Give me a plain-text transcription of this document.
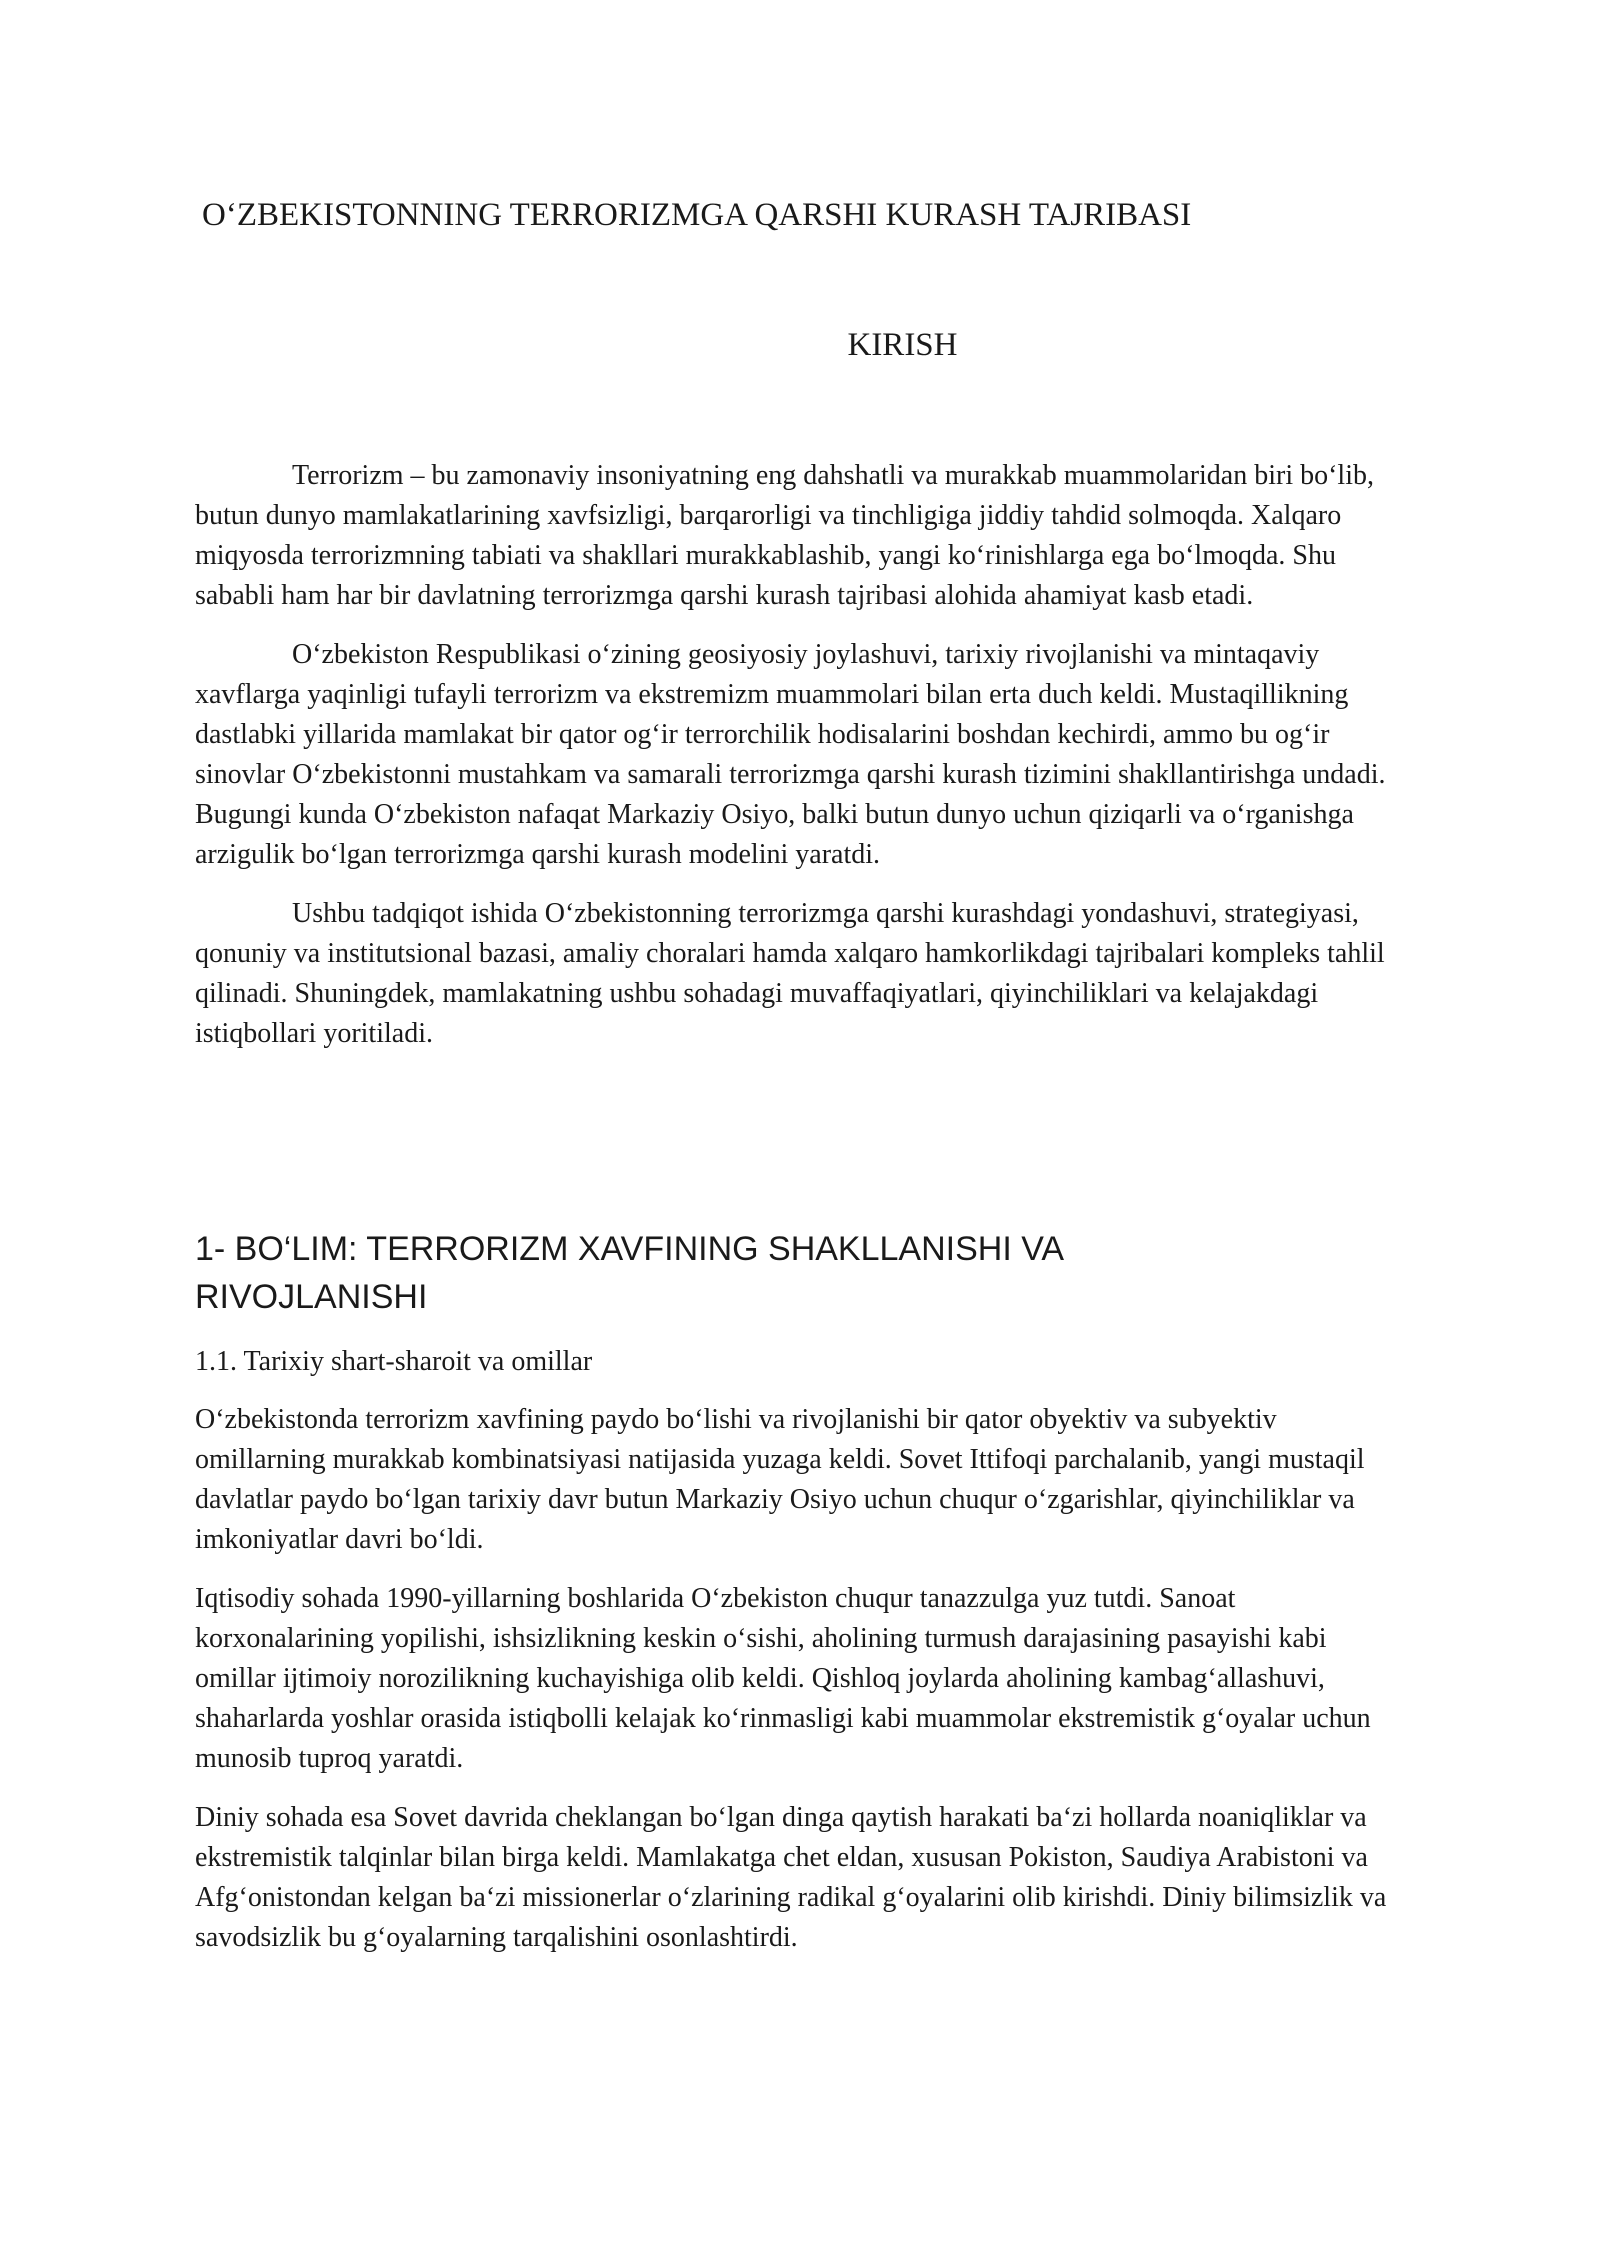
O‘ZBEKISTONNING TERRORIZMGA QARSHI KURASH TAJRIBASI
KIRISH

Terrorizm – bu zamonaviy insoniyatning eng dahshatli va murakkab muammolaridan biri bo‘lib, butun dunyo mamlakatlarining xavfsizligi, barqarorligi va tinchligiga jiddiy tahdid solmoqda. Xalqaro miqyosda terrorizmning tabiati va shakllari murakkablashib, yangi ko‘rinishlarga ega bo‘lmoqda. Shu sababli ham har bir davlatning terrorizmga qarshi kurash tajribasi alohida ahamiyat kasb etadi.

O‘zbekiston Respublikasi o‘zining geosiyosiy joylashuvi, tarixiy rivojlanishi va mintaqaviy xavflarga yaqinligi tufayli terrorizm va ekstremizm muammolari bilan erta duch keldi. Mustaqillikning dastlabki yillarida mamlakat bir qator og‘ir terrorchilik hodisalarini boshdan kechirdi, ammo bu og‘ir sinovlar O‘zbekistonni mustahkam va samarali terrorizmga qarshi kurash tizimini shakllantirishga undadi. Bugungi kunda O‘zbekiston nafaqat Markaziy Osiyo, balki butun dunyo uchun qiziqarli va o‘rganishga arzigulik bo‘lgan terrorizmga qarshi kurash modelini yaratdi.

Ushbu tadqiqot ishida O‘zbekistonning terrorizmga qarshi kurashdagi yondashuvi, strategiyasi, qonuniy va institutsional bazasi, amaliy choralari hamda xalqaro hamkorlikdagi tajribalari kompleks tahlil qilinadi. Shuningdek, mamlakatning ushbu sohadagi muvaffaqiyatlari, qiyinchiliklari va kelajakdagi istiqbollari yoritiladi.

1- BO‘LIM: TERRORIZM XAVFINING SHAKLLANISHI VA RIVOJLANISHI
1.1. Tarixiy shart-sharoit va omillar

O‘zbekistonda terrorizm xavfining paydo bo‘lishi va rivojlanishi bir qator obyektiv va subyektiv omillarning murakkab kombinatsiyasi natijasida yuzaga keldi. Sovet Ittifoqi parchalanib, yangi mustaqil davlatlar paydo bo‘lgan tarixiy davr butun Markaziy Osiyo uchun chuqur o‘zgarishlar, qiyinchiliklar va imkoniyatlar davri bo‘ldi.

Iqtisodiy sohada 1990-yillarning boshlarida O‘zbekiston chuqur tanazzulga yuz tutdi. Sanoat korxonalarining yopilishi, ishsizlikning keskin o‘sishi, aholining turmush darajasining pasayishi kabi omillar ijtimoiy norozilikning kuchayishiga olib keldi. Qishloq joylarda aholining kambag‘allashuvi, shaharlarda yoshlar orasida istiqbolli kelajak ko‘rinmasligi kabi muammolar ekstremistik g‘oyalar uchun munosib tuproq yaratdi.

Diniy sohada esa Sovet davrida cheklangan bo‘lgan dinga qaytish harakati ba‘zi hollarda noaniqliklar va ekstremistik talqinlar bilan birga keldi. Mamlakatga chet eldan, xususan Pokiston, Saudiya Arabistoni va Afg‘onistondan kelgan ba‘zi missionerlar o‘zlarining radikal g‘oyalarini olib kirishdi. Diniy bilimsizlik va savodsizlik bu g‘oyalarning tarqalishini osonlashtirdi.
